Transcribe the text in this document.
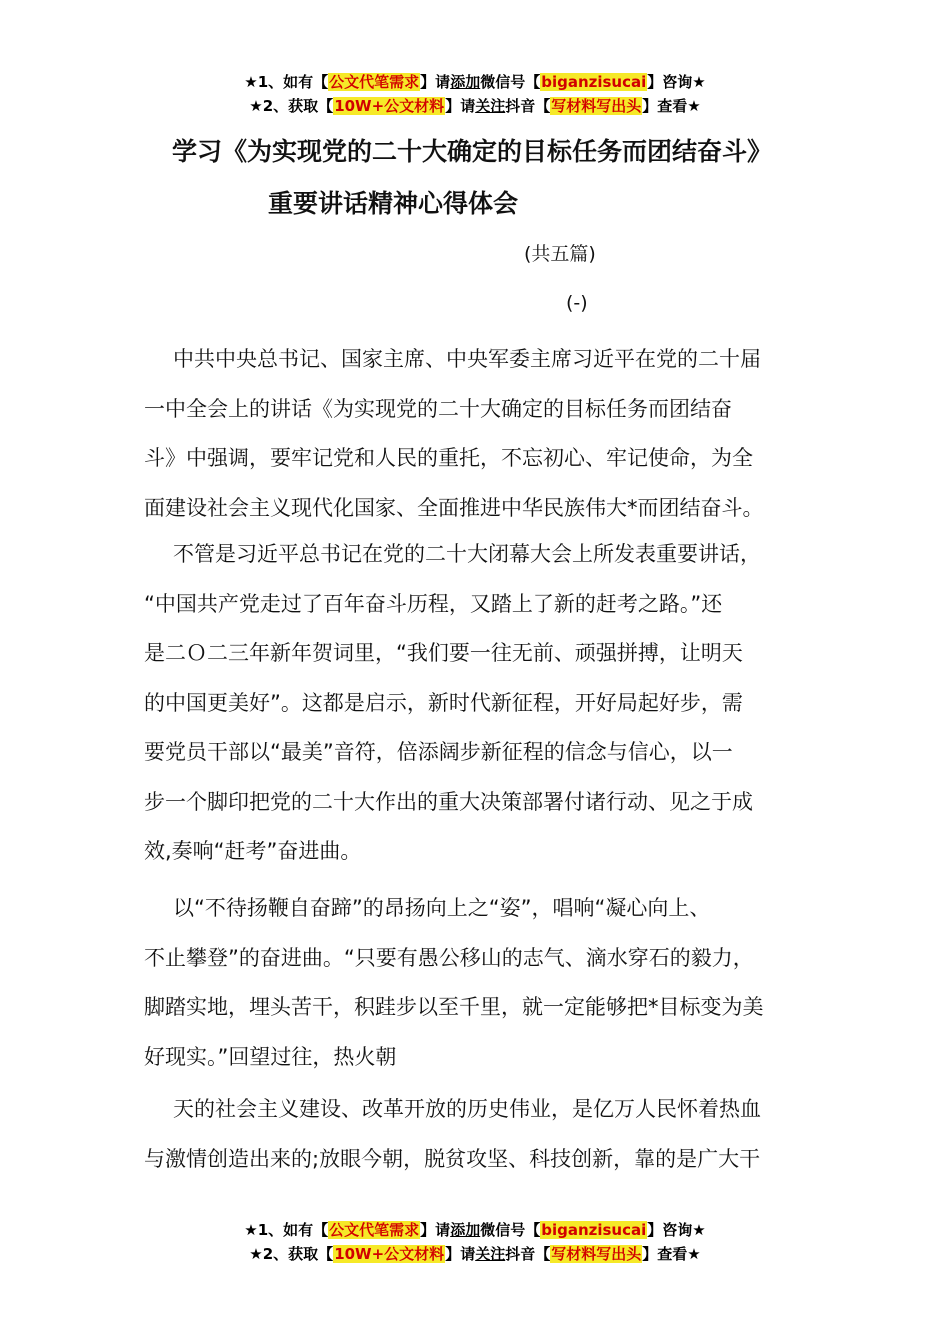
★1、如有【公文代笔需求】请添加微信号【biganzisucai】咨询★
★2、获取【10W+公文材料】请关注抖音【写材料写出头】查看★
学习《为实现党的二十大确定的目标任务而团结奋斗》
重要讲话精神心得体会
(共五篇)
(-)
中共中央总书记、国家主席、中央军委主席习近平在党的二十届
一中全会上的讲话《为实现党的二十大确定的目标任务而团结奋
斗》中强调，要牢记党和人民的重托，不忘初心、牢记使命，为全
面建设社会主义现代化国家、全面推进中华民族伟大*而团结奋斗。
不管是习近平总书记在党的二十大闭幕大会上所发表重要讲话，
“中国共产党走过了百年奋斗历程，又踏上了新的赶考之路。”还
是二Ｏ二三年新年贺词里，“我们要一往无前、顽强拼搏，让明天
的中国更美好”。这都是启示，新时代新征程，开好局起好步，需
要党员干部以“最美”音符，倍添阔步新征程的信念与信心，以一
步一个脚印把党的二十大作出的重大决策部署付诸行动、见之于成
效,奏响“赶考”奋进曲。
以“不待扬鞭自奋蹄”的昂扬向上之“姿”，唱响“凝心向上、
不止攀登”的奋进曲。“只要有愚公移山的志气、滴水穿石的毅力，
脚踏实地，埋头苦干，积跬步以至千里，就一定能够把*目标变为美
好现实。”回望过往，热火朝
天的社会主义建设、改革开放的历史伟业，是亿万人民怀着热血
与激情创造出来的;放眼今朝，脱贫攻坚、科技创新，靠的是广大干
★1、如有【公文代笔需求】请添加微信号【biganzisucai】咨询★
★2、获取【10W+公文材料】请关注抖音【写材料写出头】查看★
